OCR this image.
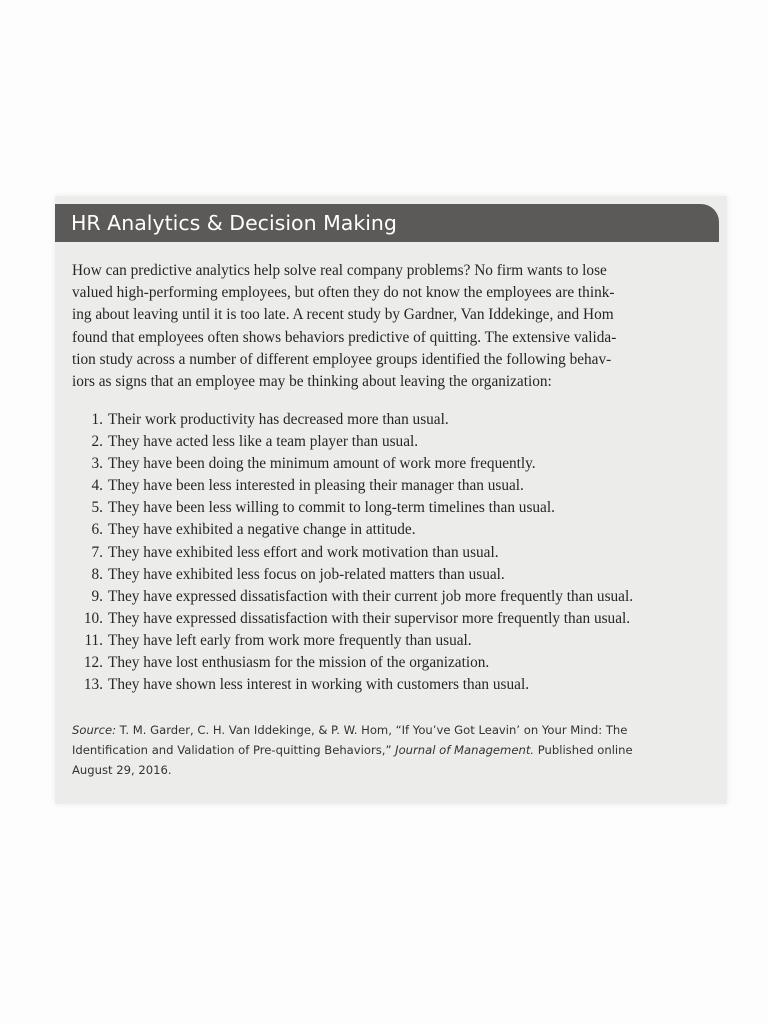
HR Analytics & Decision Making
How can predictive analytics help solve real company problems? No firm wants to lose
valued high-performing employees, but often they do not know the employees are think-
ing about leaving until it is too late. A recent study by Gardner, Van Iddekinge, and Hom
found that employees often shows behaviors predictive of quitting. The extensive valida-
tion study across a number of different employee groups identified the following behav-
iors as signs that an employee may be thinking about leaving the organization:
1. Their work productivity has decreased more than usual.
2. They have acted less like a team player than usual.
3. They have been doing the minimum amount of work more frequently.
4. They have been less interested in pleasing their manager than usual.
5. They have been less willing to commit to long-term timelines than usual.
6. They have exhibited a negative change in attitude.
7. They have exhibited less effort and work motivation than usual.
8. They have exhibited less focus on job-related matters than usual.
9. They have expressed dissatisfaction with their current job more frequently than usual.
10. They have expressed dissatisfaction with their supervisor more frequently than usual.
11. They have left early from work more frequently than usual.
12. They have lost enthusiasm for the mission of the organization.
13. They have shown less interest in working with customers than usual.
Source: T. M. Garder, C. H. Van Iddekinge, & P. W. Hom, “If You’ve Got Leavin’ on Your Mind: The
Identification and Validation of Pre-quitting Behaviors,” Journal of Management. Published online
August 29, 2016.
